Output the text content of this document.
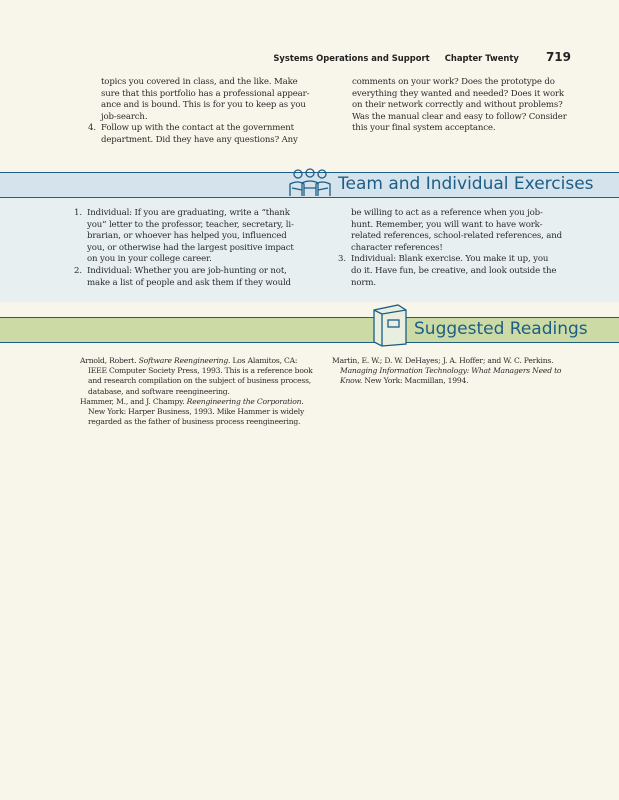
Systems Operations and Support Chapter Twenty 719

topics you covered in class, and the like. Make

sure that this portfolio has a professional appear-

ance and is bound. This is for you to keep as you

job-search.

4. Follow up with the contact at the government

department. Did they have any questions? Any

comments on your work? Does the prototype do

everything they wanted and needed? Does it work

on their network correctly and without problems?

Was the manual clear and easy to follow? Consider

this your final system acceptance.

Team and Individual Exercises
1. Individual: If you are graduating, write a “thank

you” letter to the professor, teacher, secretary, li-

brarian, or whoever has helped you, influenced

you, or otherwise had the largest positive impact

on you in your college career.

2. Individual: Whether you are job-hunting or not,

make a list of people and ask them if they would

be willing to act as a reference when you job-

hunt. Remember, you will want to have work-

related references, school-related references, and

character references!

3. Individual: Blank exercise. You make it up, you

do it. Have fun, be creative, and look outside the

norm.

Suggested Readings

Arnold, Robert. Software Reengineering. Los Alamitos, CA: IEEE Computer Society Press, 1993. This is a reference book and research compilation on the subject of business process, database, and software reengineering.

Hammer, M., and J. Champy. Reengineering the Corporation. New York: Harper Business, 1993. Mike Hammer is widely regarded as the father of business process reengineering.

Martin, E. W.; D. W. DeHayes; J. A. Hoffer; and W. C. Perkins. Managing Information Technology: What Managers Need to Know. New York: Macmillan, 1994.
